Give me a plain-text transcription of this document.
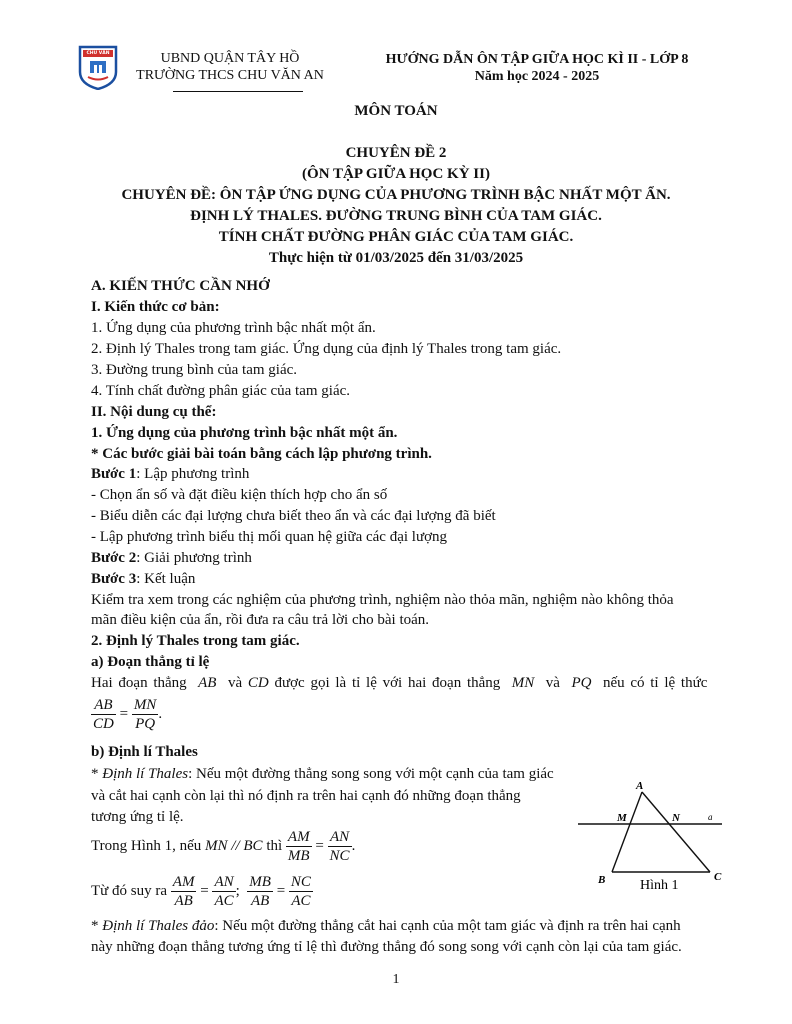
CHU VĂN AN	UBND QUẬN TÂY HỒ
TRƯỜNG THCS CHU VĂN AN
HƯỚNG DẪN ÔN TẬP GIỮA HỌC KÌ II - LỚP 8
Năm học 2024 - 2025
MÔN TOÁN
CHUYÊN ĐỀ 2
(ÔN TẬP GIỮA HỌC KỲ II)
CHUYÊN ĐỀ: ÔN TẬP ỨNG DỤNG CỦA PHƯƠNG TRÌNH BẬC NHẤT MỘT ẨN.
ĐỊNH LÝ THALES. ĐƯỜNG TRUNG BÌNH CỦA TAM GIÁC.
TÍNH CHẤT ĐƯỜNG PHÂN GIÁC CỦA TAM GIÁC.
Thực hiện từ 01/03/2025 đến 31/03/2025
A. KIẾN THỨC CẦN NHỚ
I. Kiến thức cơ bản:
1. Ứng dụng của phương trình bậc nhất một ẩn.
2. Định lý Thales trong tam giác. Ứng dụng của định lý Thales trong tam giác.
3. Đường trung bình của tam giác.
4. Tính chất đường phân giác của tam giác.
II. Nội dung cụ thể:
1. Ứng dụng của phương trình bậc nhất một ẩn.
* Các bước giải bài toán bằng cách lập phương trình.
Bước 1: Lập phương trình
- Chọn ẩn số và đặt điều kiện thích hợp cho ẩn số
- Biểu diễn các đại lượng chưa biết theo ẩn và các đại lượng đã biết
- Lập phương trình biểu thị mối quan hệ giữa các đại lượng
Bước 2: Giải phương trình
Bước 3: Kết luận
Kiểm tra xem trong các nghiệm của phương trình, nghiệm nào thỏa mãn, nghiệm nào không thỏa
mãn điều kiện của ẩn, rồi đưa ra câu trả lời cho bài toán.
2. Định lý Thales trong tam giác.
a) Đoạn thẳng tỉ lệ
Hai đoạn thẳng AB và CD được gọi là tỉ lệ với hai đoạn thẳng MN và PQ nếu có tỉ lệ thức
$\frac{AB}{CD} = \frac{MN}{PQ}$ .
b) Định lí Thales
* Định lí Thales: Nếu một đường thẳng song song với một cạnh của tam giác
và cắt hai cạnh còn lại thì nó định ra trên hai cạnh đó những đoạn thẳng
tương ứng tỉ lệ.
Trong Hình 1, nếu MN // BC thì $\frac{AM}{MB} = \frac{AN}{NC}$ .
Từ đó suy ra $\frac{AM}{AB} = \frac{AN}{AC}$ ; $\frac{MB}{AB} = \frac{NC}{AC}$
* Định lí Thales đảo: Nếu một đường thẳng cắt hai cạnh của một tam giác và định ra trên hai cạnh
này những đoạn thẳng tương ứng tỉ lệ thì đường thẳng đó song song với cạnh còn lại của tam giác.
A
M	N	a
B	C
Hình 1
1
